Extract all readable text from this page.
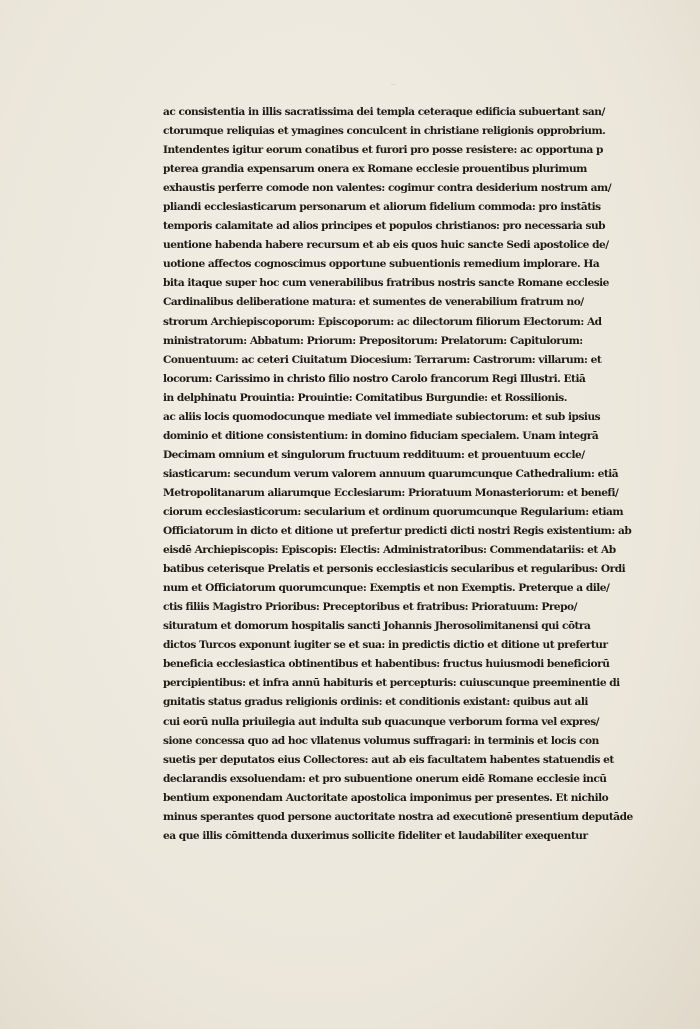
~
ac consistentia in illis sacratissima dei templa ceteraque edificia subuertant san/
ctorumque reliquias et ymagines conculcent in christiane religionis opprobrium.
Intendentes igitur eorum conatibus et furori pro posse resistere: ac opportuna p
pterea grandia expensarum onera ex Romane ecclesie prouentibus plurimum
exhaustis perferre comode non valentes: cogimur contra desiderium nostrum am/
pliandi ecclesiasticarum personarum et aliorum fidelium commoda: pro instātis
temporis calamitate ad alios principes et populos christianos: pro necessaria sub
uentione habenda habere recursum et ab eis quos huic sancte Sedi apostolice de/
uotione affectos cognoscimus opportune subuentionis remedium implorare. Ha
bita itaque super hoc cum venerabilibus fratribus nostris sancte Romane ecclesie
Cardinalibus deliberatione matura: et sumentes de venerabilium fratrum no/
strorum Archiepiscoporum: Episcoporum: ac dilectorum filiorum Electorum: Ad
ministratorum: Abbatum: Priorum: Prepositorum: Prelatorum: Capitulorum:
Conuentuum: ac ceteri Ciuitatum Diocesium: Terrarum: Castrorum: villarum: et
locorum: Carissimo in christo filio nostro Carolo francorum Regi Illustri. Etiā
in delphinatu Prouintia: Prouintie: Comitatibus Burgundie: et Rossilionis.
ac aliis locis quomodocunque mediate vel immediate subiectorum: et sub ipsius
dominio et ditione consistentium: in domino fiduciam specialem. Unam integrā
Decimam omnium et singulorum fructuum reddituum: et prouentuum eccle/
siasticarum: secundum verum valorem annuum quarumcunque Cathedralium: etiā
Metropolitanarum aliarumque Ecclesiarum: Prioratuum Monasteriorum: et benefi/
ciorum ecclesiasticorum: secularium et ordinum quorumcunque Regularium: etiam
Officiatorum in dicto et ditione ut prefertur predicti dicti nostri Regis existentium: ab
eisdē Archiepiscopis: Episcopis: Electis: Administratoribus: Commendatariis: et Ab
batibus ceterisque Prelatis et personis ecclesiasticis secularibus et regularibus: Ordi
num et Officiatorum quorumcunque: Exemptis et non Exemptis. Preterque a dile/
ctis filiis Magistro Prioribus: Preceptoribus et fratribus: Prioratuum: Prepo/
situratum et domorum hospitalis sancti Johannis Jherosolimitanensi qui cōtra
dictos Turcos exponunt iugiter se et sua: in predictis dictio et ditione ut prefertur
beneficia ecclesiastica obtinentibus et habentibus: fructus huiusmodi beneficiorū
percipientibus: et infra annū habituris et percepturis: cuiuscunque preeminentie di
gnitatis status gradus religionis ordinis: et conditionis existant: quibus aut ali
cui eorū nulla priuilegia aut indulta sub quacunque verborum forma vel expres/
sione concessa quo ad hoc vllatenus volumus suffragari: in terminis et locis con
suetis per deputatos eius Collectores: aut ab eis facultatem habentes statuendis et
declarandis exsoluendam: et pro subuentione onerum eidē Romane ecclesie incū
bentium exponendam Auctoritate apostolica imponimus per presentes. Et nichilo
minus sperantes quod persone auctoritate nostra ad executionē presentium deputāde
ea que illis cōmittenda duxerimus sollicite fideliter et laudabiliter exequentur
